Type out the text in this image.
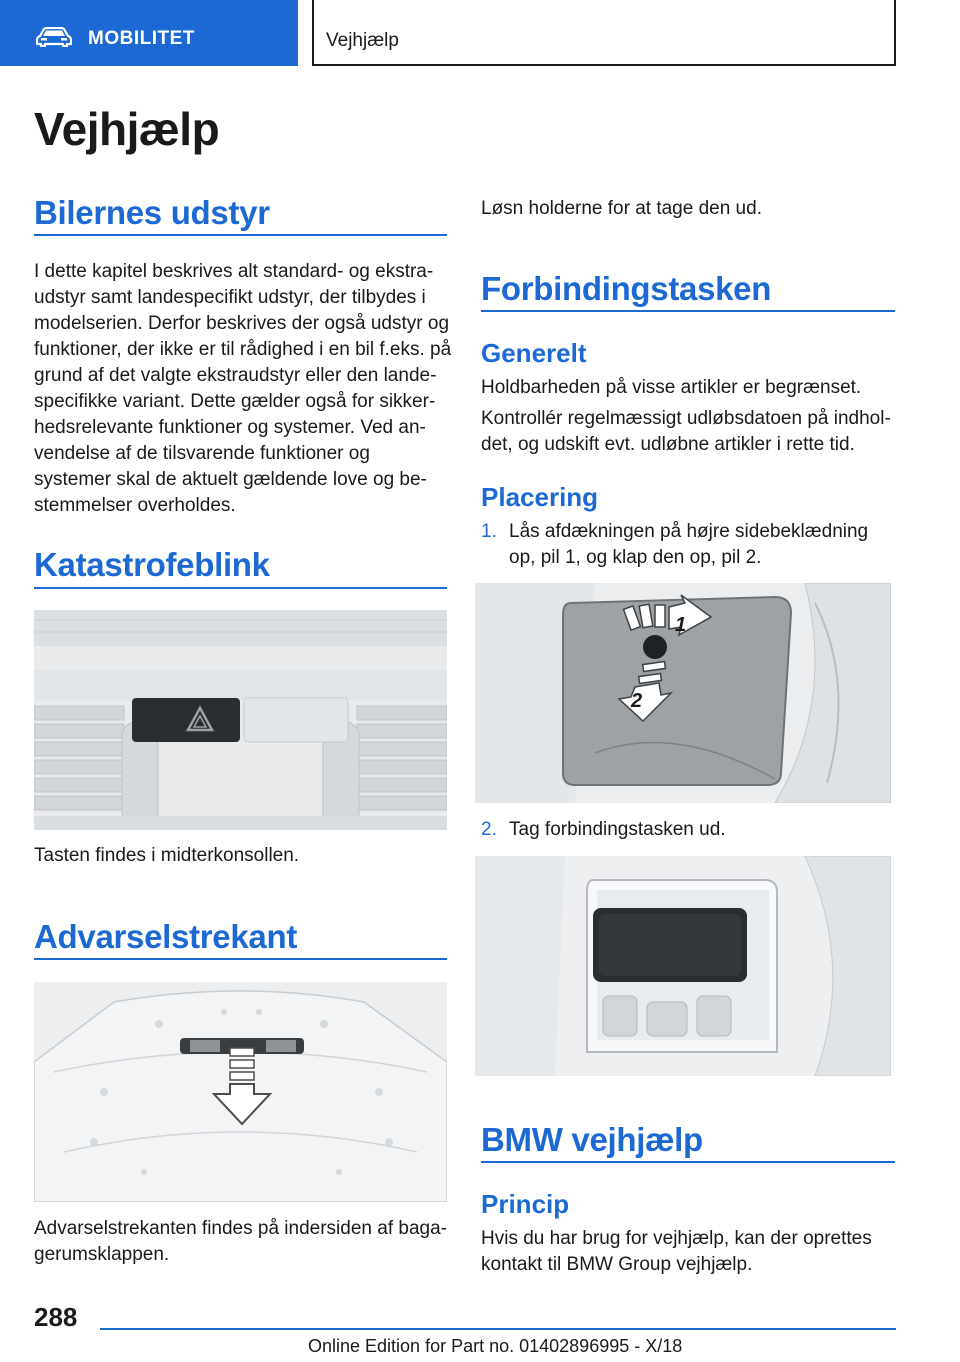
MOBILITET	Vejhjælp
Vejhjælp
Bilernes udstyr
I dette kapitel beskrives alt standard- og ekstra-
udstyr samt landespecifikt udstyr, der tilbydes i
modelserien. Derfor beskrives der også udstyr og
funktioner, der ikke er til rådighed i en bil f.eks. på
grund af det valgte ekstraudstyr eller den lande-
specifikke variant. Dette gælder også for sikker-
hedsrelevante funktioner og systemer. Ved an-
vendelse af de tilsvarende funktioner og
systemer skal de aktuelt gældende love og be-
stemmelser overholdes.
Katastrofeblink
Tasten findes i midterkonsollen.
Advarselstrekant
Advarselstrekanten findes på indersiden af baga-
gerumsklappen.
Løsn holderne for at tage den ud.
Forbindingstasken
Generelt
Holdbarheden på visse artikler er begrænset.
Kontrollér regelmæssigt udløbsdatoen på indhol-
det, og udskift evt. udløbne artikler i rette tid.
Placering
1. Lås afdækningen på højre sidebeklædning
op, pil 1, og klap den op, pil 2.
1
2
2. Tag forbindingstasken ud.
BMW vejhjælp
Princip
Hvis du har brug for vejhjælp, kan der oprettes
kontakt til BMW Group vejhjælp.
288
Online Edition for Part no. 01402896995 - X/18
